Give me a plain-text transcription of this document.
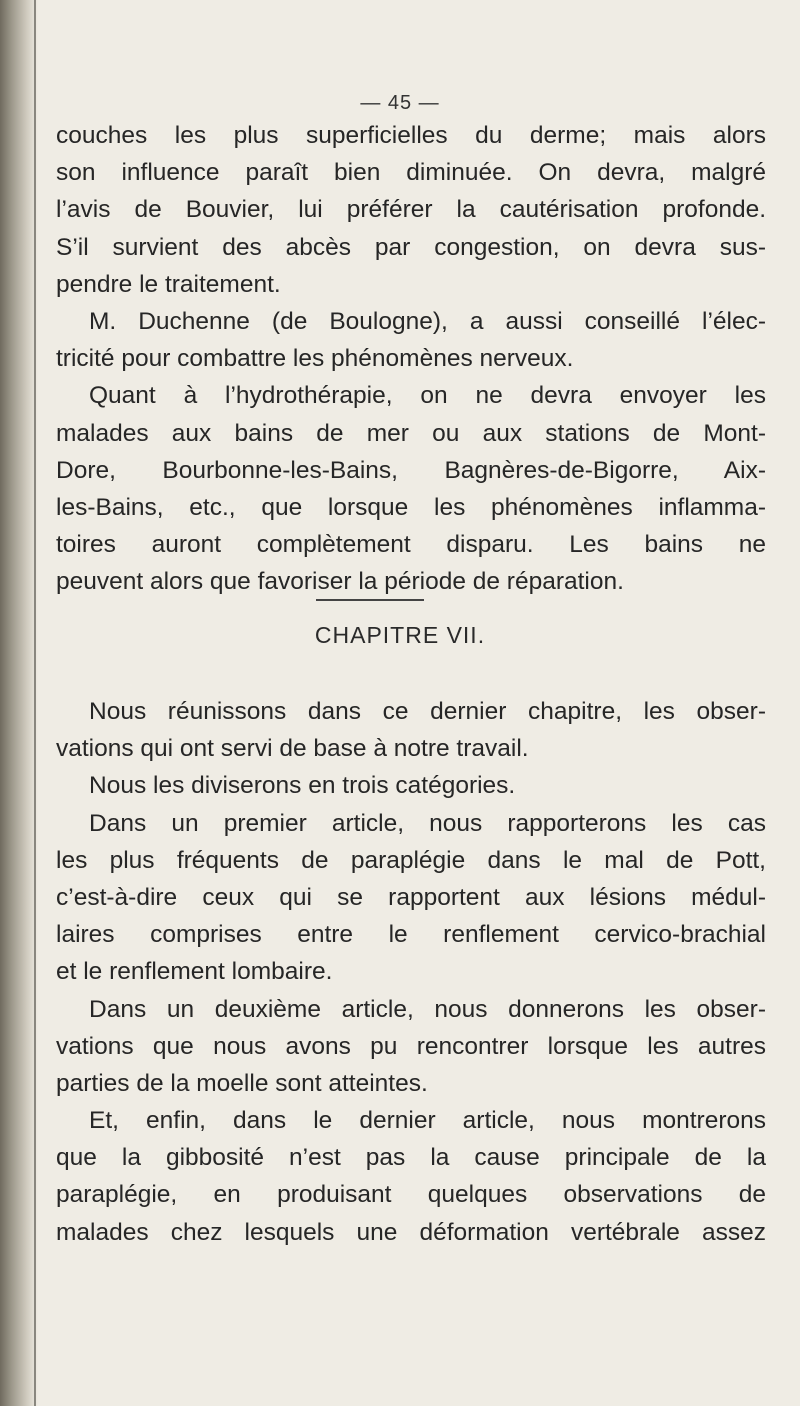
— 45 —
couches les plus superficielles du derme; mais alors
son influence paraît bien diminuée. On devra, malgré
l’avis de Bouvier, lui préférer la cautérisation profonde.
S’il survient des abcès par congestion, on devra sus-
pendre le traitement.
M. Duchenne (de Boulogne), a aussi conseillé l’élec-
tricité pour combattre les phénomènes nerveux.
Quant à l’hydrothérapie, on ne devra envoyer les
malades aux bains de mer ou aux stations de Mont-
Dore, Bourbonne-les-Bains, Bagnères-de-Bigorre, Aix-
les-Bains, etc., que lorsque les phénomènes inflamma-
toires auront complètement disparu. Les bains ne
peuvent alors que favoriser la période de réparation.
CHAPITRE VII.
Nous réunissons dans ce dernier chapitre, les obser-
vations qui ont servi de base à notre travail.
Nous les diviserons en trois catégories.
Dans un premier article, nous rapporterons les cas
les plus fréquents de paraplégie dans le mal de Pott,
c’est-à-dire ceux qui se rapportent aux lésions médul-
laires comprises entre le renflement cervico-brachial
et le renflement lombaire.
Dans un deuxième article, nous donnerons les obser-
vations que nous avons pu rencontrer lorsque les autres
parties de la moelle sont atteintes.
Et, enfin, dans le dernier article, nous montrerons
que la gibbosité n’est pas la cause principale de la
paraplégie, en produisant quelques observations de
malades chez lesquels une déformation vertébrale assez
